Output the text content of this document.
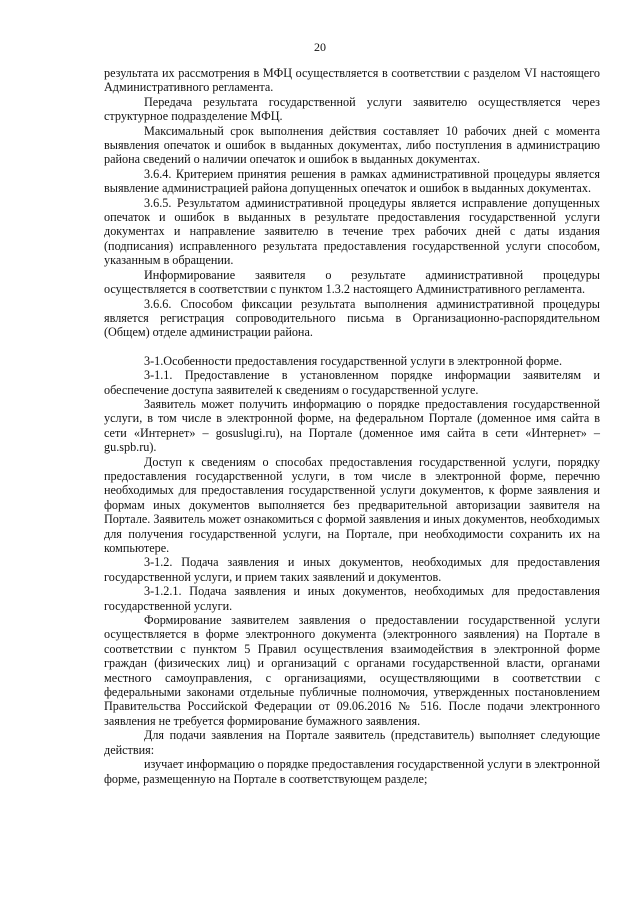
20

результата их рассмотрения в МФЦ осуществляется в соответствии с разделом VI настоящего Административного регламента.

Передача результата государственной услуги заявителю осуществляется через структурное подразделение МФЦ.

Максимальный срок выполнения действия составляет 10 рабочих дней с момента выявления опечаток и ошибок в выданных документах, либо поступления в администрацию района сведений о наличии опечаток и ошибок в выданных документах.

3.6.4. Критерием принятия решения в рамках административной процедуры является выявление администрацией района допущенных опечаток и ошибок в выданных документах.

3.6.5. Результатом административной процедуры является исправление допущенных опечаток и ошибок в выданных в результате предоставления государственной услуги документах и направление заявителю в течение трех рабочих дней с даты издания (подписания) исправленного результата предоставления государственной услуги способом, указанным в обращении.

Информирование заявителя о результате административной процедуры осуществляется в соответствии с пунктом 1.3.2 настоящего Административного регламента.

3.6.6. Способом фиксации результата выполнения административной процедуры является регистрация сопроводительного письма в Организационно-распорядительном (Общем) отделе администрации района.

3-1.Особенности предоставления государственной услуги в электронной форме.

3-1.1. Предоставление в установленном порядке информации заявителям и обеспечение доступа заявителей к сведениям о государственной услуге.

Заявитель может получить информацию о порядке предоставления государственной услуги, в том числе в электронной форме, на федеральном Портале (доменное имя сайта в сети «Интернет» – gosuslugi.ru), на Портале (доменное имя сайта в сети «Интернет» – gu.spb.ru).

Доступ к сведениям о способах предоставления государственной услуги, порядку предоставления государственной услуги, в том числе в электронной форме, перечню необходимых для предоставления государственной услуги документов, к форме заявления и формам иных документов выполняется без предварительной авторизации заявителя на Портале. Заявитель может ознакомиться с формой заявления и иных документов, необходимых для получения государственной услуги, на Портале, при необходимости сохранить их на компьютере.

3-1.2. Подача заявления и иных документов, необходимых для предоставления государственной услуги, и прием таких заявлений и документов.

3-1.2.1. Подача заявления и иных документов, необходимых для предоставления государственной услуги.

Формирование заявителем заявления о предоставлении государственной услуги осуществляется в форме электронного документа (электронного заявления) на Портале в соответствии с пунктом 5 Правил осуществления взаимодействия в электронной форме граждан (физических лиц) и организаций с органами государственной власти, органами местного самоуправления, с организациями, осуществляющими в соответствии с федеральными законами отдельные публичные полномочия, утвержденных постановлением Правительства Российской Федерации от 09.06.2016 № 516. После подачи электронного заявления не требуется формирование бумажного заявления.

Для подачи заявления на Портале заявитель (представитель) выполняет следующие действия:

изучает информацию о порядке предоставления государственной услуги в электронной форме, размещенную на Портале в соответствующем разделе;
